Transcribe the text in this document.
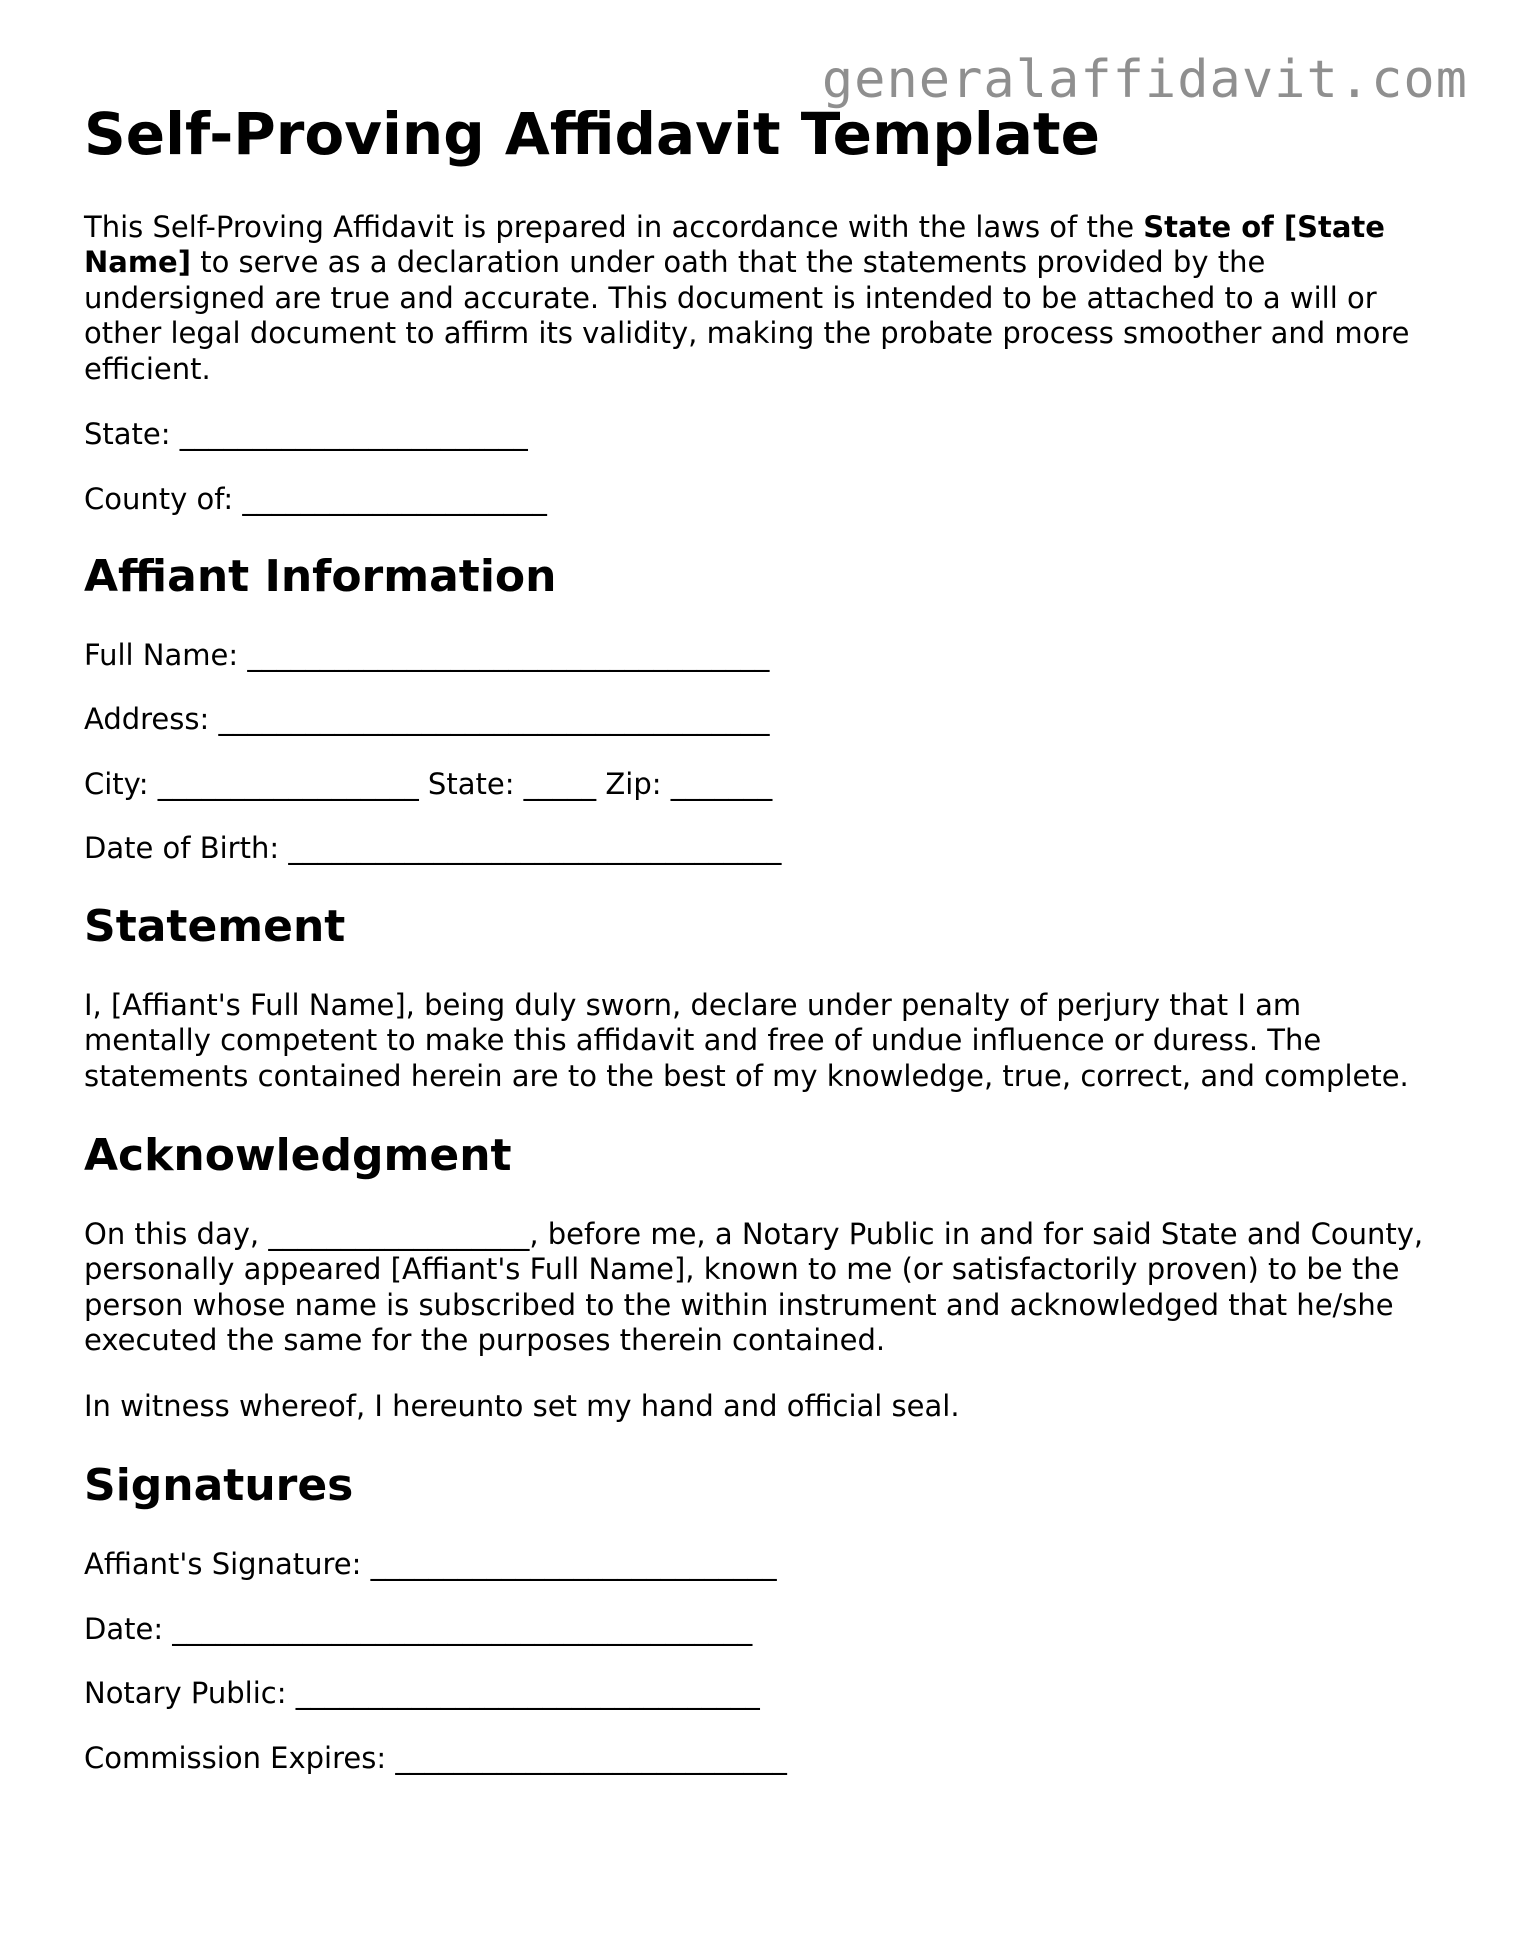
generalaffidavit.com
Self-Proving Affidavit Template

This Self-Proving Affidavit is prepared in accordance with the laws of the State of [State Name] to serve as a declaration under oath that the statements provided by the undersigned are true and accurate. This document is intended to be attached to a will or other legal document to affirm its validity, making the probate process smoother and more efficient.

State: ________________________
County of: _____________________
Affiant Information
Full Name: ____________________________________
Address: ______________________________________
City: __________________ State: _____ Zip: _______
Date of Birth: __________________________________
Statement

I, [Affiant's Full Name], being duly sworn, declare under penalty of perjury that I am mentally competent to make this affidavit and free of undue influence or duress. The statements contained herein are to the best of my knowledge, true, correct, and complete.

Acknowledgment

On this day, __________________, before me, a Notary Public in and for said State and County, personally appeared [Affiant's Full Name], known to me (or satisfactorily proven) to be the person whose name is subscribed to the within instrument and acknowledged that he/she executed the same for the purposes therein contained.

In witness whereof, I hereunto set my hand and official seal.

Signatures
Affiant's Signature: ____________________________
Date: ________________________________________
Notary Public: ________________________________
Commission Expires: ___________________________
